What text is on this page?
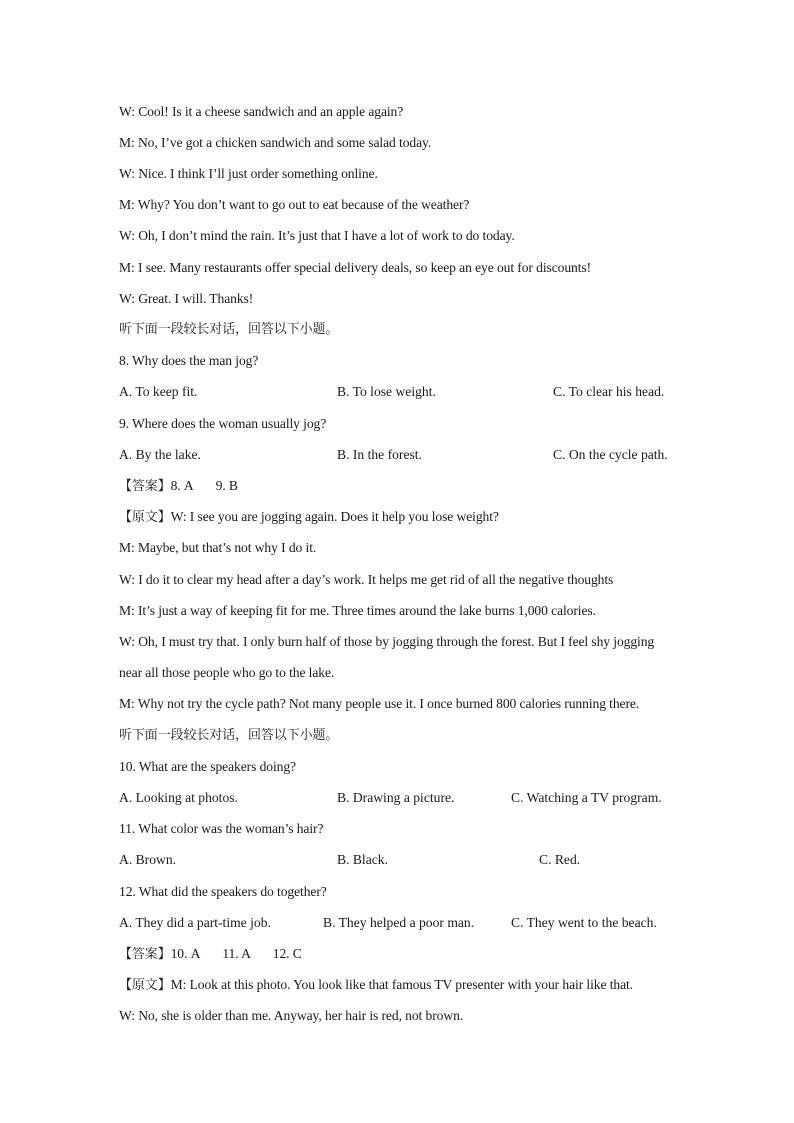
W: Cool! Is it a cheese sandwich and an apple again?
M: No, I’ve got a chicken sandwich and some salad today.
W: Nice. I think I’ll just order something online.
M: Why? You don’t want to go out to eat because of the weather?
W: Oh, I don’t mind the rain. It’s just that I have a lot of work to do today.
M: I see. Many restaurants offer special delivery deals, so keep an eye out for discounts!
W: Great. I will. Thanks!
听下面一段较长对话，回答以下小题。
8. Why does the man jog?
A. To keep fit.	B. To lose weight.	C. To clear his head.
9. Where does the woman usually jog?
A. By the lake.	B. In the forest.	C. On the cycle path.
【答案】8. A 9. B
【原文】W: I see you are jogging again. Does it help you lose weight?
M: Maybe, but that’s not why I do it.
W: I do it to clear my head after a day’s work. It helps me get rid of all the negative thoughts
M: It’s just a way of keeping fit for me. Three times around the lake burns 1,000 calories.
W: Oh, I must try that. I only burn half of those by jogging through the forest. But I feel shy jogging
near all those people who go to the lake.
M: Why not try the cycle path? Not many people use it. I once burned 800 calories running there.
听下面一段较长对话，回答以下小题。
10. What are the speakers doing?
A. Looking at photos.	B. Drawing a picture.	C. Watching a TV program.
11. What color was the woman’s hair?
A. Brown.	B. Black.	C. Red.
12. What did the speakers do together?
A. They did a part-time job.	B. They helped a poor man.	C. They went to the beach.
【答案】10. A 11. A 12. C
【原文】M: Look at this photo. You look like that famous TV presenter with your hair like that.
W: No, she is older than me. Anyway, her hair is red, not brown.
